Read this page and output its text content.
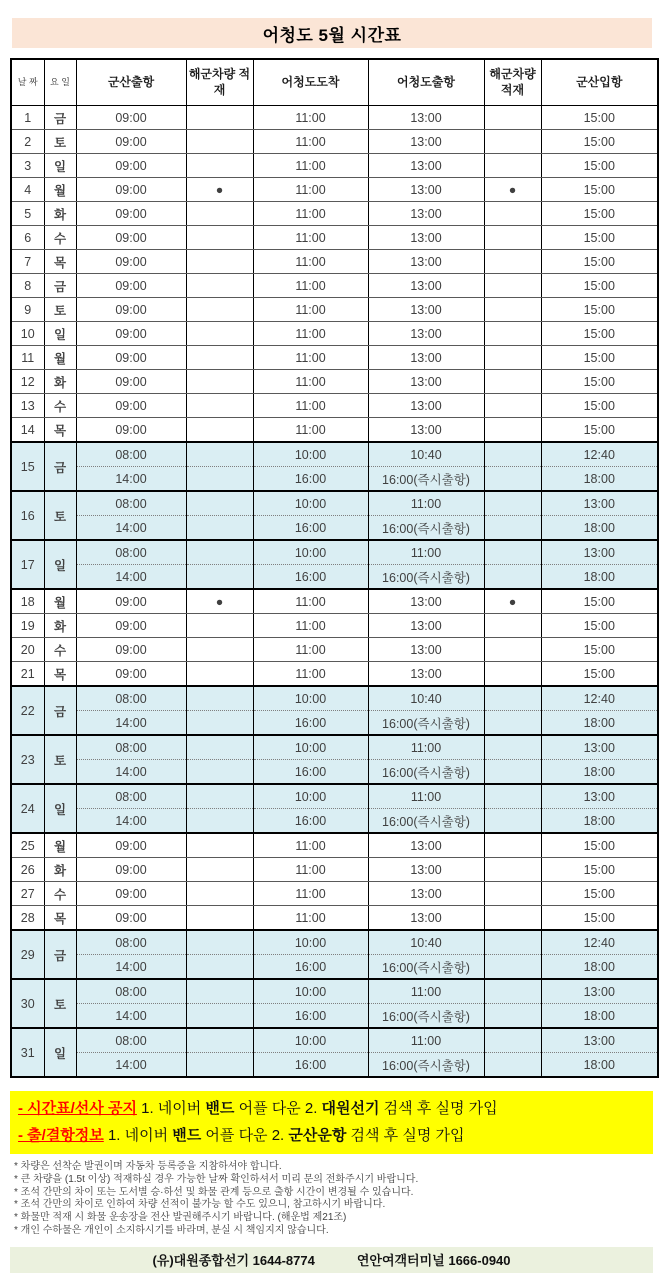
어청도 5월 시간표
날 짜	요 일	군산출항	해군차량 적재	어청도도착	어청도출항	해군차량 적재	군산입항
1	금	09:00		11:00	13:00		15:00
2	토	09:00		11:00	13:00		15:00
3	일	09:00		11:00	13:00		15:00
4	월	09:00	●	11:00	13:00	●	15:00
5	화	09:00		11:00	13:00		15:00
6	수	09:00		11:00	13:00		15:00
7	목	09:00		11:00	13:00		15:00
8	금	09:00		11:00	13:00		15:00
9	토	09:00		11:00	13:00		15:00
10	일	09:00		11:00	13:00		15:00
11	월	09:00		11:00	13:00		15:00
12	화	09:00		11:00	13:00		15:00
13	수	09:00		11:00	13:00		15:00
14	목	09:00		11:00	13:00		15:00
15	금	08:00		10:00	10:40		12:40
		14:00		16:00	16:00(즉시출항)		18:00
16	토	08:00		10:00	11:00		13:00
		14:00		16:00	16:00(즉시출항)		18:00
17	일	08:00		10:00	11:00		13:00
		14:00		16:00	16:00(즉시출항)		18:00
18	월	09:00	●	11:00	13:00	●	15:00
19	화	09:00		11:00	13:00		15:00
20	수	09:00		11:00	13:00		15:00
21	목	09:00		11:00	13:00		15:00
22	금	08:00		10:00	10:40		12:40
		14:00		16:00	16:00(즉시출항)		18:00
23	토	08:00		10:00	11:00		13:00
		14:00		16:00	16:00(즉시출항)		18:00
24	일	08:00		10:00	11:00		13:00
		14:00		16:00	16:00(즉시출항)		18:00
25	월	09:00		11:00	13:00		15:00
26	화	09:00		11:00	13:00		15:00
27	수	09:00		11:00	13:00		15:00
28	목	09:00		11:00	13:00		15:00
29	금	08:00		10:00	10:40		12:40
		14:00		16:00	16:00(즉시출항)		18:00
30	토	08:00		10:00	11:00		13:00
		14:00		16:00	16:00(즉시출항)		18:00
31	일	08:00		10:00	11:00		13:00
		14:00		16:00	16:00(즉시출항)		18:00
- 시간표/선사 공지 1. 네이버 밴드 어플 다운 2. 대원선기 검색 후 실명 가입
- 출/결항정보 1. 네이버 밴드 어플 다운 2. 군산운항 검색 후 실명 가입
* 차량은 선착순 발권이며 자동차 등록증을 지참하셔야 합니다.
* 큰 차량을 (1.5t 이상) 적재하실 경우 가능한 날짜 확인하셔서 미리 문의 전화주시기 바랍니다.
* 조석 간만의 차이 또는 도서별 승·하선 및 화물 관계 등으로 출항 시간이 변경될 수 있습니다.
* 조석 간만의 차이로 인하여 차량 선적이 불가능 할 수도 있으니, 참고하시기 바랍니다.
* 화물만 적재 시 화물 운송장을 전산 발권해주시기 바랍니다. (해운법 제21조)
* 개인 수하물은 개인이 소지하시기를 바라며, 분실 시 책임지지 않습니다.
(유)대원종합선기 1644-8774	연안여객터미널 1666-0940
